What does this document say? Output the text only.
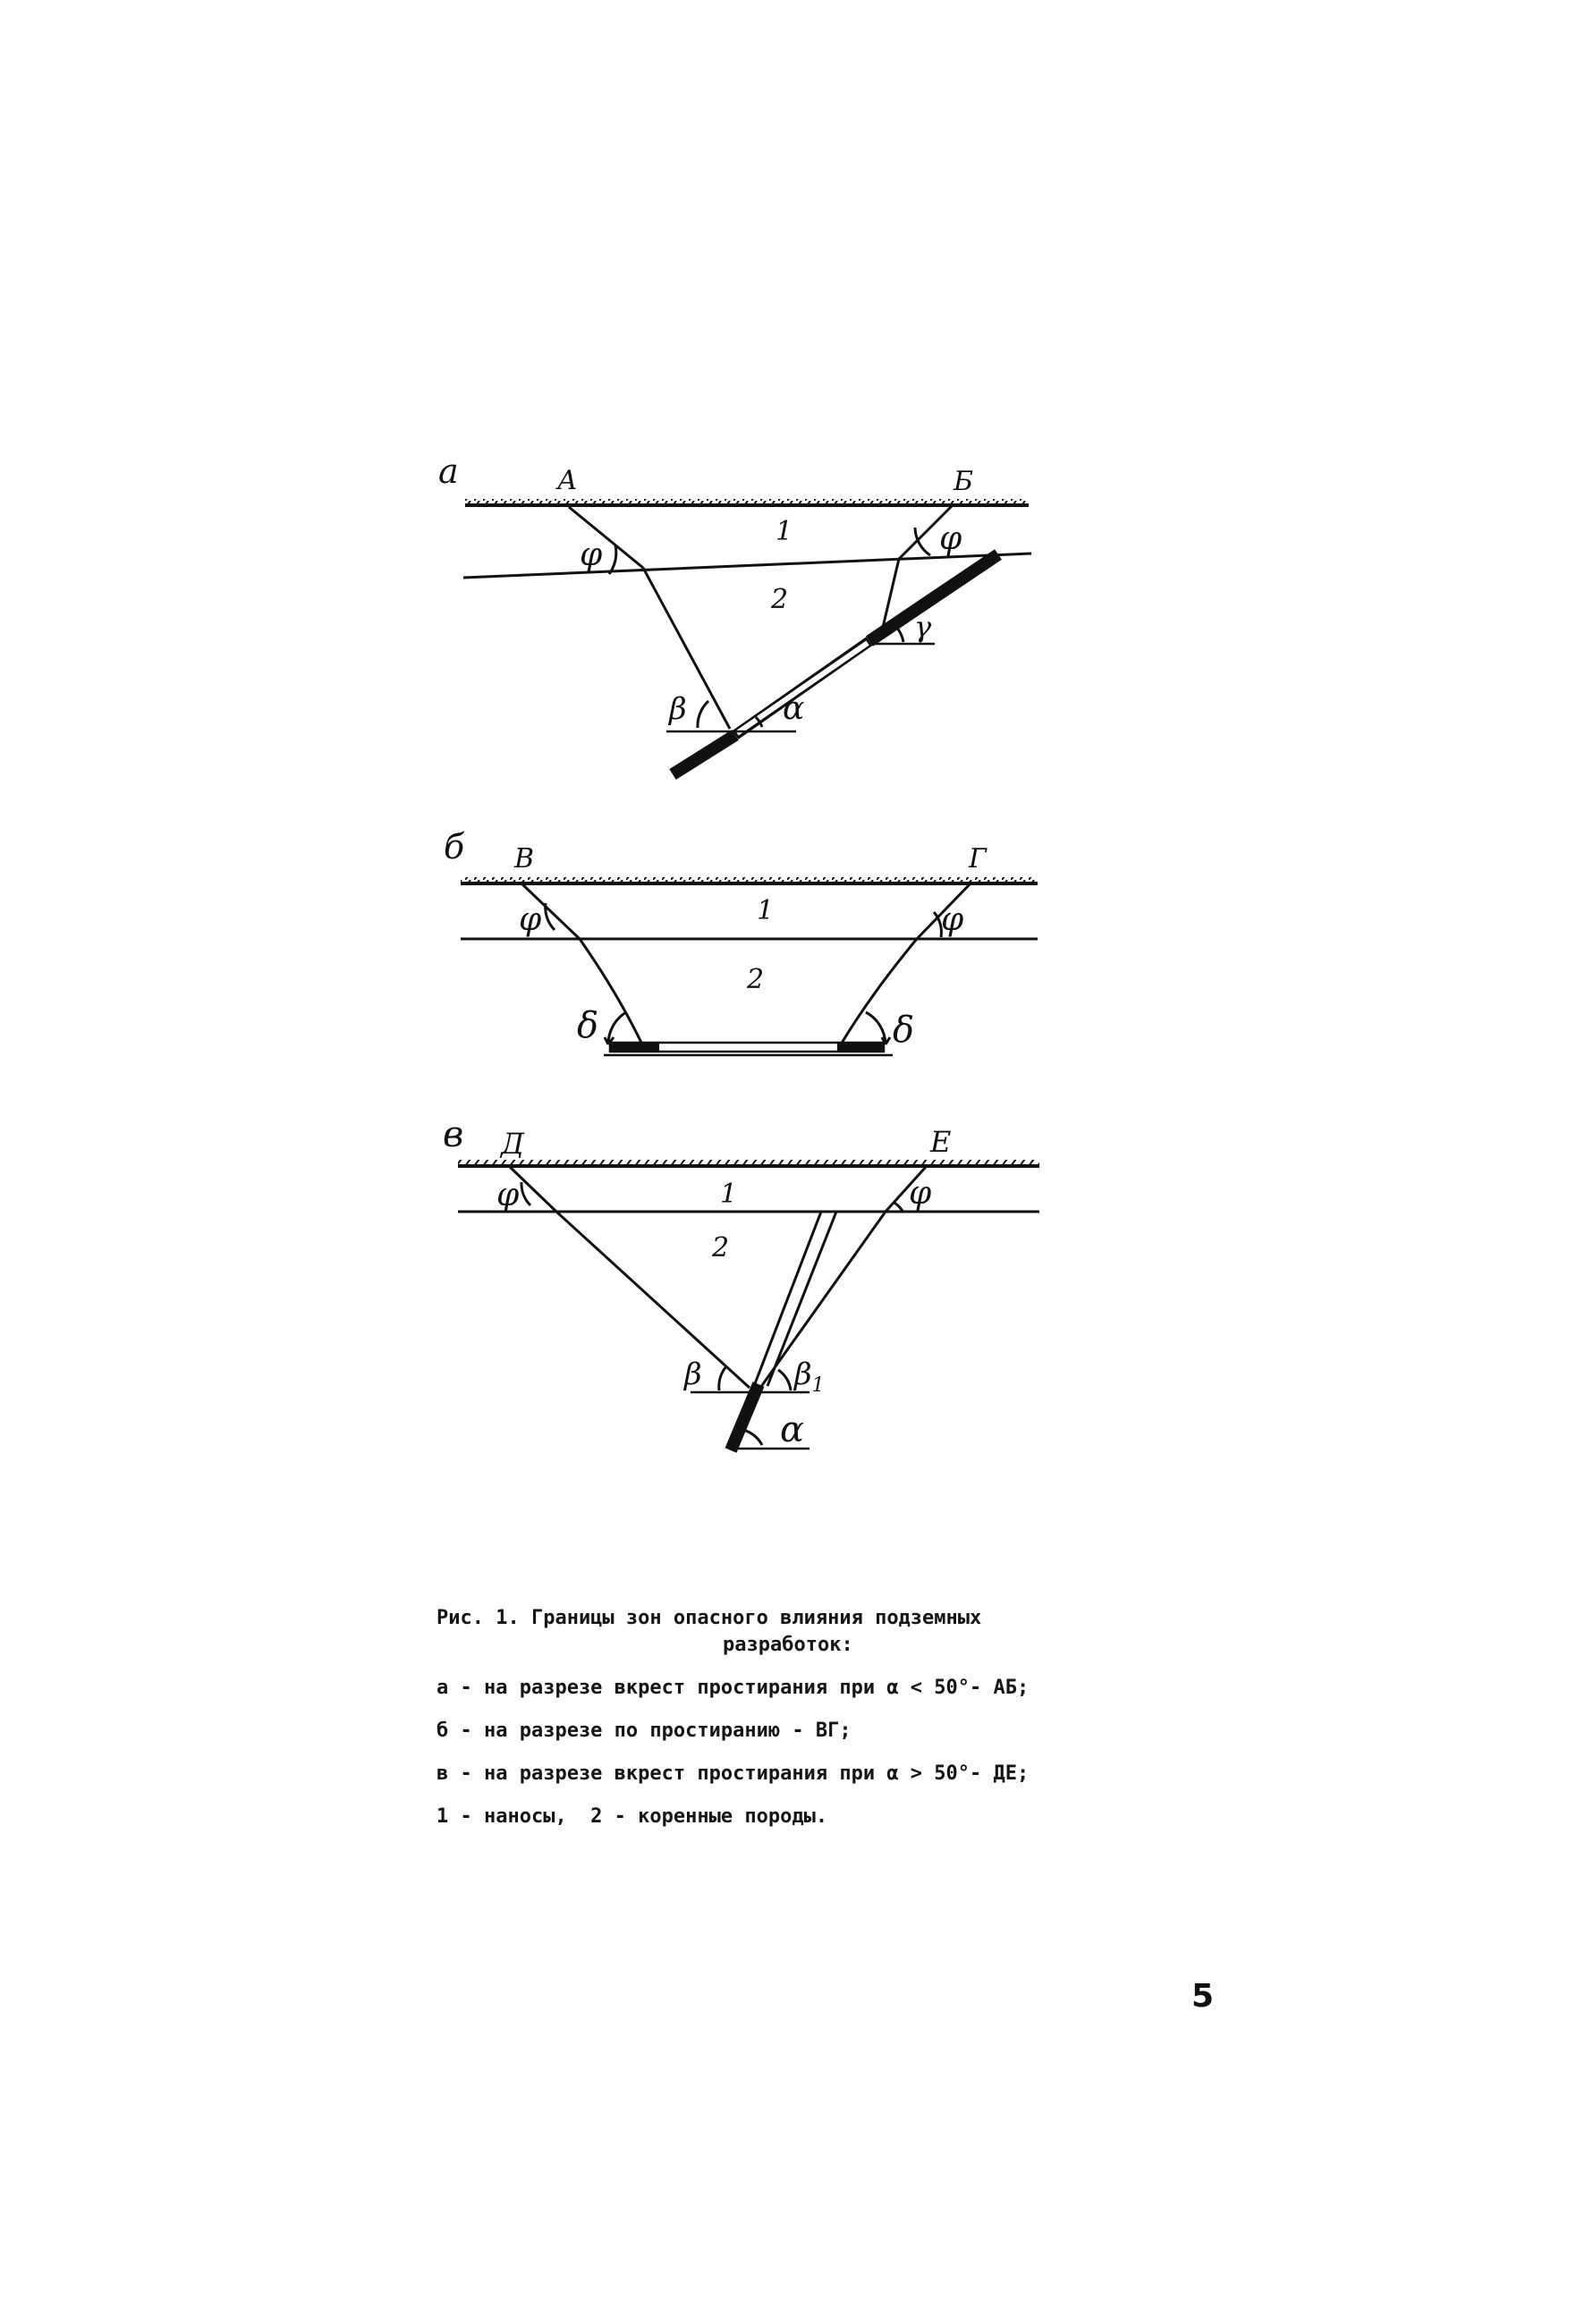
а	А	Б
1
2
φ	φ
β	α
γ
б В	Г
1
2
φ	φ
δ	δ
в Д	Е
1
2
φ	φ
β	$\beta_1$
α
Рис. 1. Границы зон опасного влияния подземных
разработок:
а - на разрезе вкрест простирания при α < 50°- АБ;
б - на разрезе по простиранию - ВГ;
в - на разрезе вкрест простирания при α > 50°- ДЕ;
1 - наносы,  2 - коренные породы.
5
